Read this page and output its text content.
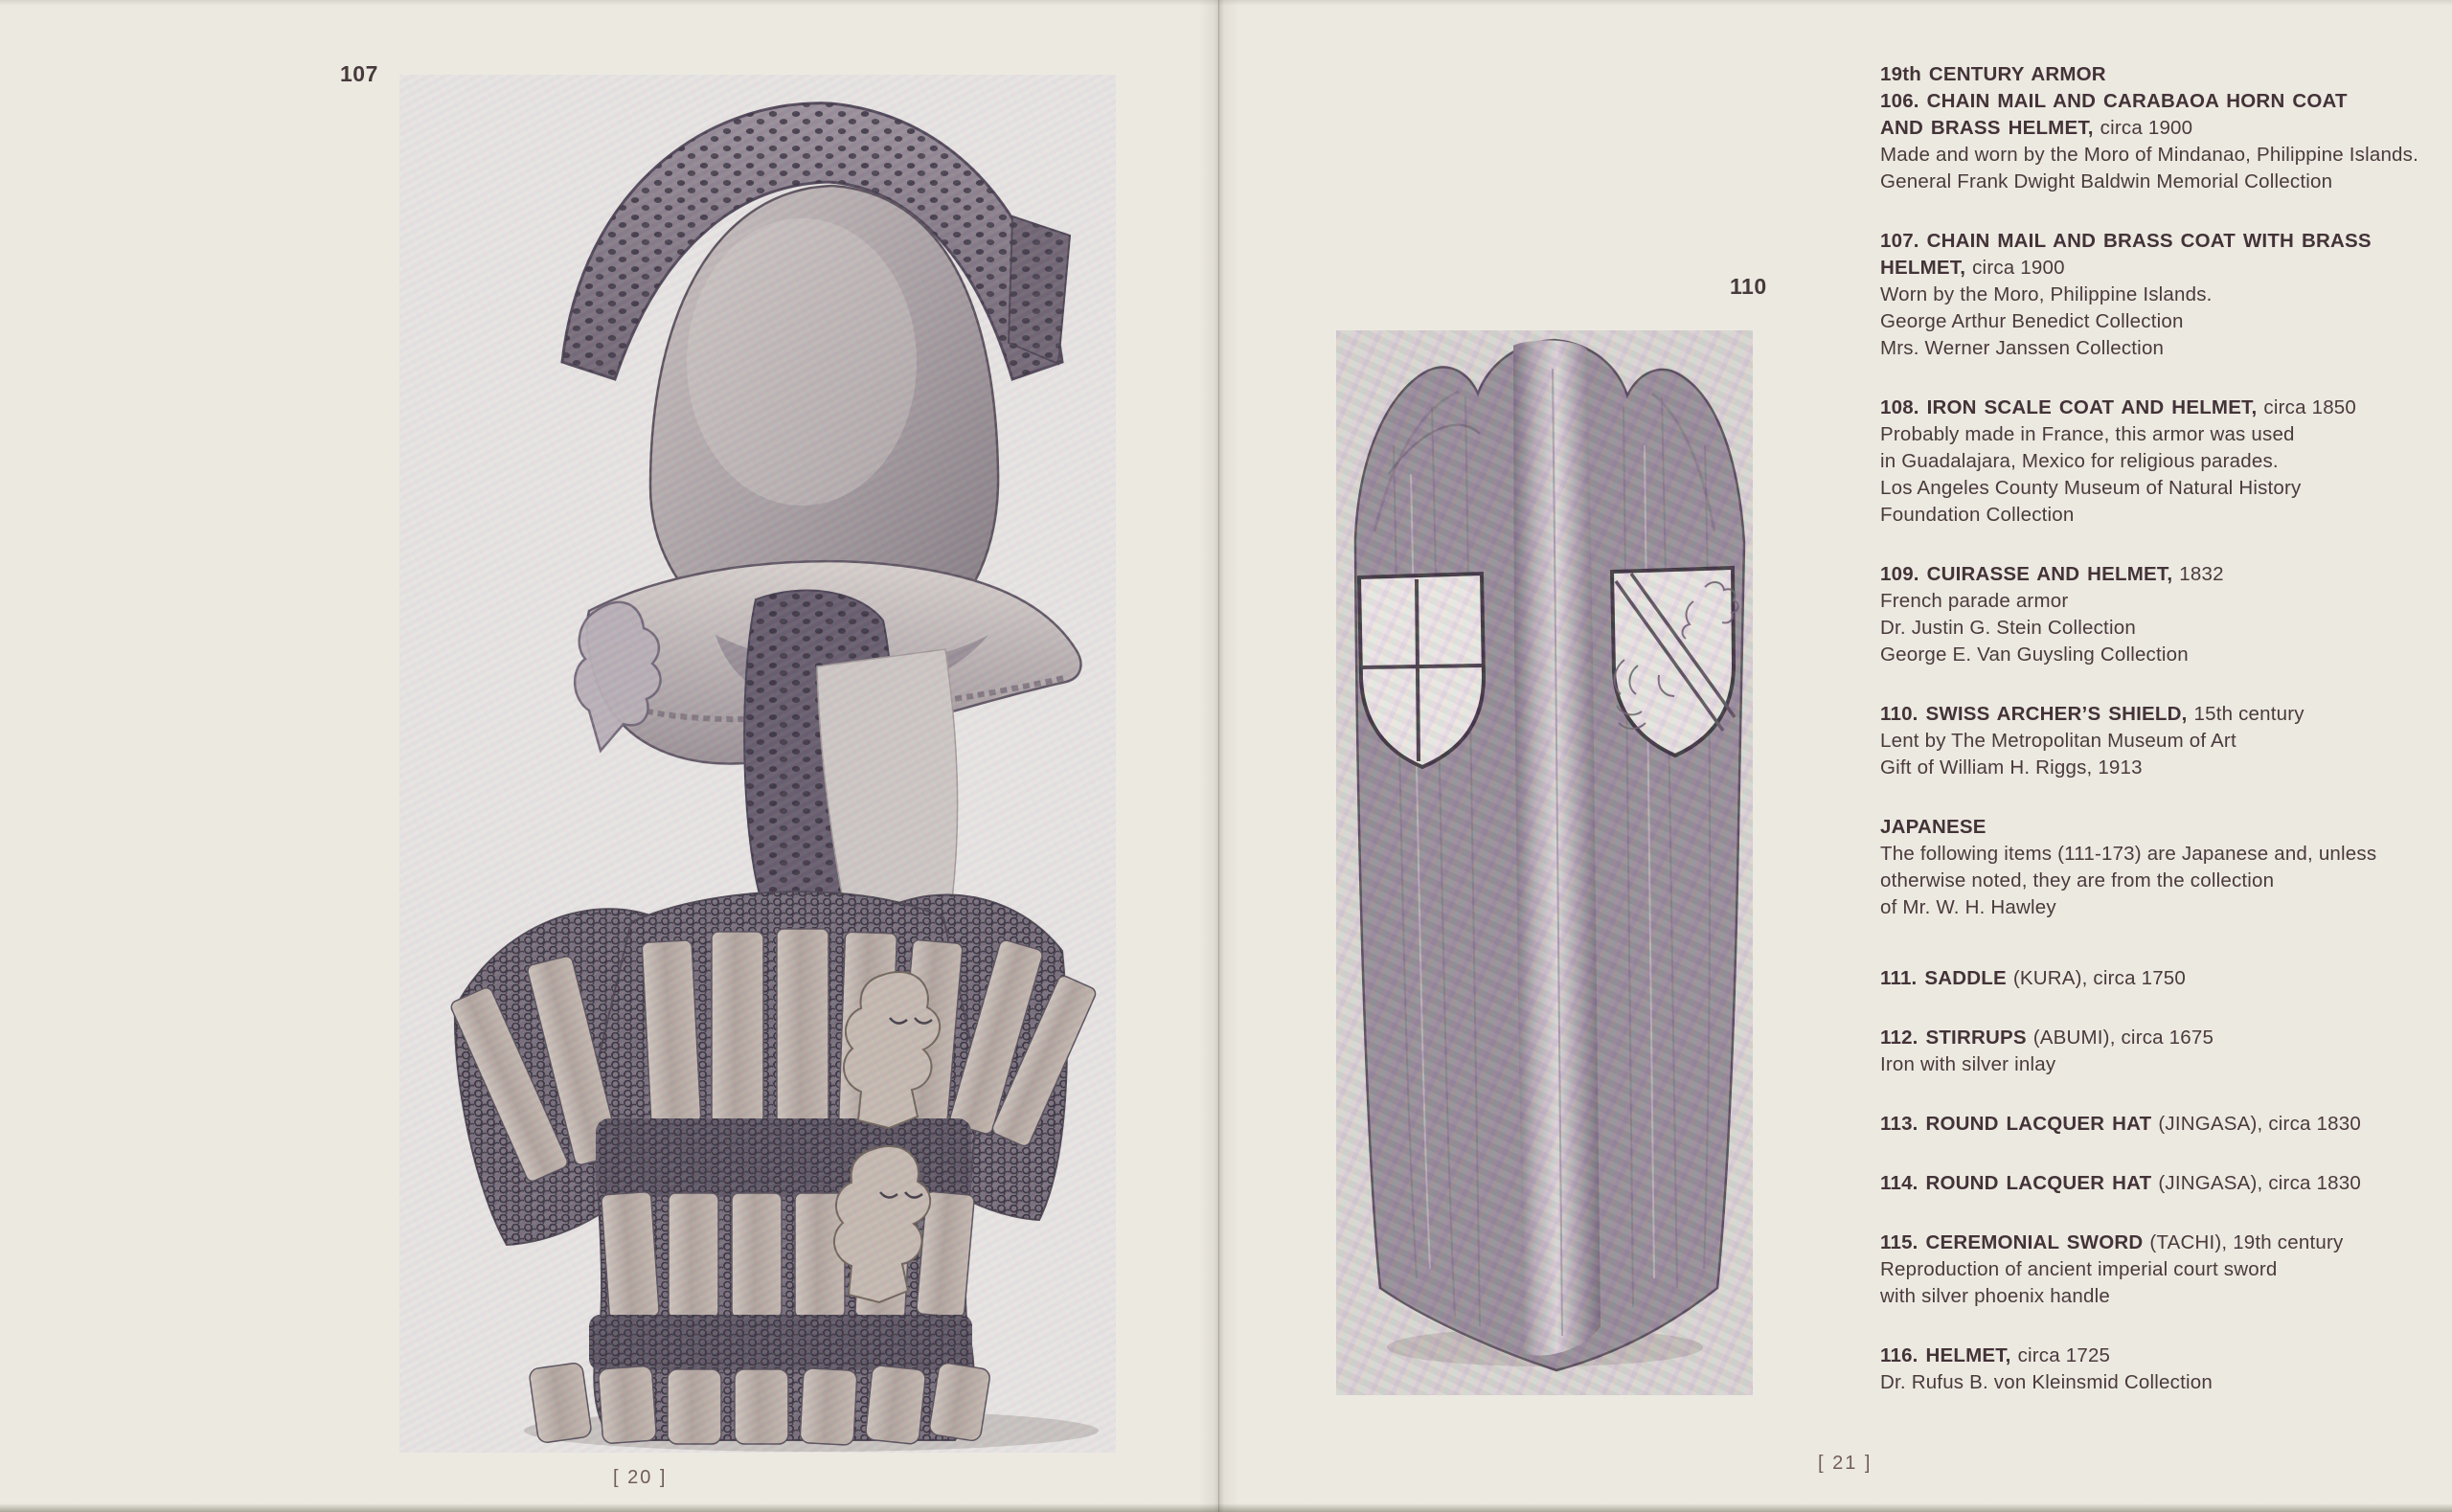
107
[ 20 ]
110
19th CENTURY ARMOR
106. CHAIN MAIL AND CARABAOA HORN COAT AND BRASS HELMET, circa 1900
Made and worn by the Moro of Mindanao, Philippine Islands.
General Frank Dwight Baldwin Memorial Collection
107. CHAIN MAIL AND BRASS COAT WITH BRASS HELMET, circa 1900
Worn by the Moro, Philippine Islands.
George Arthur Benedict Collection
Mrs. Werner Janssen Collection
108. IRON SCALE COAT AND HELMET, circa 1850
Probably made in France, this armor was used
in Guadalajara, Mexico for religious parades.
Los Angeles County Museum of Natural History
Foundation Collection
109. CUIRASSE AND HELMET, 1832
French parade armor
Dr. Justin G. Stein Collection
George E. Van Guysling Collection
110. SWISS ARCHER’S SHIELD, 15th century
Lent by The Metropolitan Museum of Art
Gift of William H. Riggs, 1913
JAPANESE
The following items (111-173) are Japanese and, unless
otherwise noted, they are from the collection
of Mr. W. H. Hawley
111. SADDLE (KURA), circa 1750
112. STIRRUPS (ABUMI), circa 1675
Iron with silver inlay
113. ROUND LACQUER HAT (JINGASA), circa 1830
114. ROUND LACQUER HAT (JINGASA), circa 1830
115. CEREMONIAL SWORD (TACHI), 19th century
Reproduction of ancient imperial court sword
with silver phoenix handle
116. HELMET, circa 1725
Dr. Rufus B. von Kleinsmid Collection
[ 21 ]
